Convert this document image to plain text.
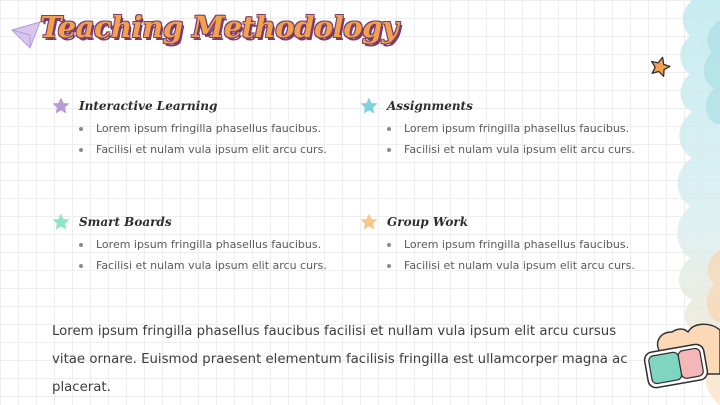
Teaching Methodology
Interactive Learning
Lorem ipsum fringilla phasellus faucibus.
Facilisi et nulam vula ipsum elit arcu curs.
Assignments
Lorem ipsum fringilla phasellus faucibus.
Facilisi et nulam vula ipsum elit arcu curs.
Smart Boards
Lorem ipsum fringilla phasellus faucibus.
Facilisi et nulam vula ipsum elit arcu curs.
Group Work
Lorem ipsum fringilla phasellus faucibus.
Facilisi et nulam vula ipsum elit arcu curs.

Lorem ipsum fringilla phasellus faucibus facilisi et nullam vula ipsum elit arcu cursus vitae ornare. Euismod praesent elementum facilisis fringilla est ullamcorper magna ac placerat.
